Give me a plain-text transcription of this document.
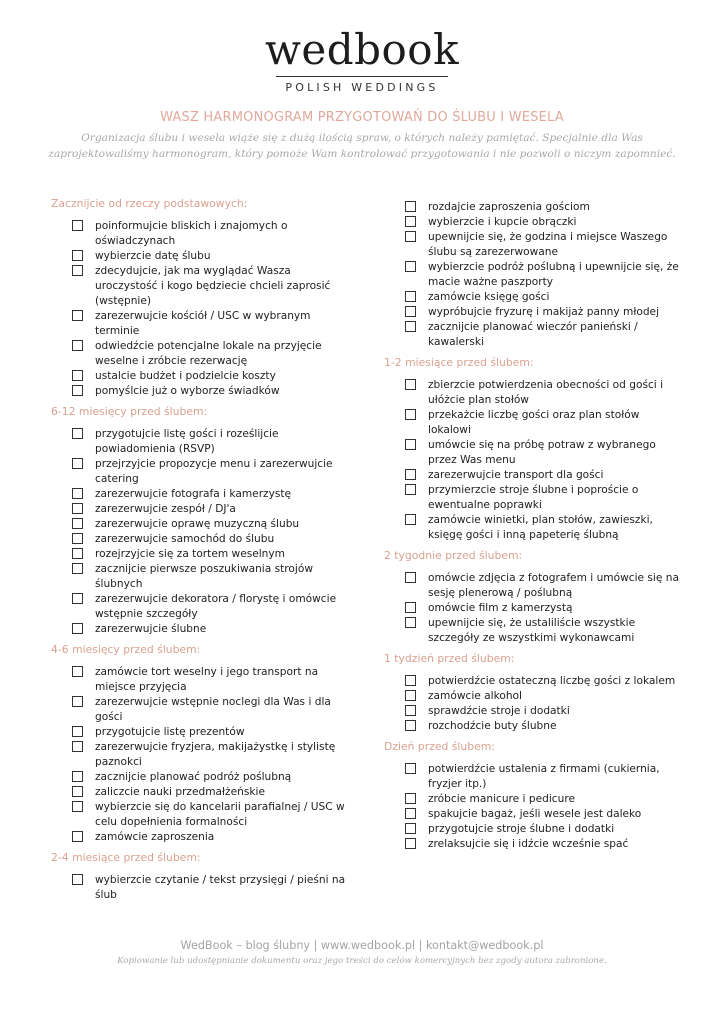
wedbook
POLISH WEDDINGS
WASZ HARMONOGRAM PRZYGOTOWAŃ DO ŚLUBU I WESELA
Organizacja ślubu i wesela wiąże się z dużą ilością spraw, o których należy pamiętać. Specjalnie dla Was zaprojektowaliśmy harmonogram, który pomoże Wam kontrolować przygotowania i nie pozwoli o niczym zapomnieć.
Zacznijcie od rzeczy podstawowych:
poinformujcie bliskich i znajomych o oświadczynach
wybierzcie datę ślubu
zdecydujcie, jak ma wyglądać Wasza uroczystość i kogo będziecie chcieli zaprosić (wstępnie)
zarezerwujcie kościół / USC w wybranym terminie
odwiedźcie potencjalne lokale na przyjęcie weselne i zróbcie rezerwację
ustalcie budżet i podzielcie koszty
pomyślcie już o wyborze świadków
6-12 miesięcy przed ślubem:
przygotujcie listę gości i roześlijcie powiadomienia (RSVP)
przejrzyjcie propozycje menu i zarezerwujcie catering
zarezerwujcie fotografa i kamerzystę
zarezerwujcie zespół / DJ'a
zarezerwujcie oprawę muzyczną ślubu
zarezerwujcie samochód do ślubu
rozejrzyjcie się za tortem weselnym
zacznijcie pierwsze poszukiwania strojów ślubnych
zarezerwujcie dekoratora / florystę i omówcie wstępnie szczegóły
zarezerwujcie ślubne
4-6 miesięcy przed ślubem:
zamówcie tort weselny i jego transport na miejsce przyjęcia
zarezerwujcie wstępnie noclegi dla Was i dla gości
przygotujcie listę prezentów
zarezerwujcie fryzjera, makijażystkę i stylistę paznokci
zacznijcie planować podróż poślubną
zaliczcie nauki przedmałżeńskie
wybierzcie się do kancelarii parafialnej / USC w celu dopełnienia formalności
zamówcie zaproszenia
2-4 miesiące przed ślubem:
wybierzcie czytanie / tekst przysięgi / pieśni na ślub
rozdajcie zaproszenia gościom
wybierzcie i kupcie obrączki
upewnijcie się, że godzina i miejsce Waszego ślubu są zarezerwowane
wybierzcie podróż poślubną i upewnijcie się, że macie ważne paszporty
zamówcie księgę gości
wypróbujcie fryzurę i makijaż panny młodej
zacznijcie planować wieczór panieński / kawalerski
1-2 miesiące przed ślubem:
zbierzcie potwierdzenia obecności od gości i ułóżcie plan stołów
przekażcie liczbę gości oraz plan stołów lokalowi
umówcie się na próbę potraw z wybranego przez Was menu
zarezerwujcie transport dla gości
przymierzcie stroje ślubne i poproście o ewentualne poprawki
zamówcie winietki, plan stołów, zawieszki, księgę gości i inną papeterię ślubną
2 tygodnie przed ślubem:
omówcie zdjęcia z fotografem i umówcie się na sesję plenerową / poślubną
omówcie film z kamerzystą
upewnijcie się, że ustaliliście wszystkie szczegóły ze wszystkimi wykonawcami
1 tydzień przed ślubem:
potwierdźcie ostateczną liczbę gości z lokalem
zamówcie alkohol
sprawdźcie stroje i dodatki
rozchodźcie buty ślubne
Dzień przed ślubem:
potwierdźcie ustalenia z firmami (cukiernia, fryzjer itp.)
zróbcie manicure i pedicure
spakujcie bagaż, jeśli wesele jest daleko
przygotujcie stroje ślubne i dodatki
zrelaksujcie się i idźcie wcześnie spać
WedBook – blog ślubny | www.wedbook.pl | kontakt@wedbook.pl
Kopiowanie lub udostępnianie dokumentu oraz jego treści do celów komercyjnych bez zgody autora zabronione.
